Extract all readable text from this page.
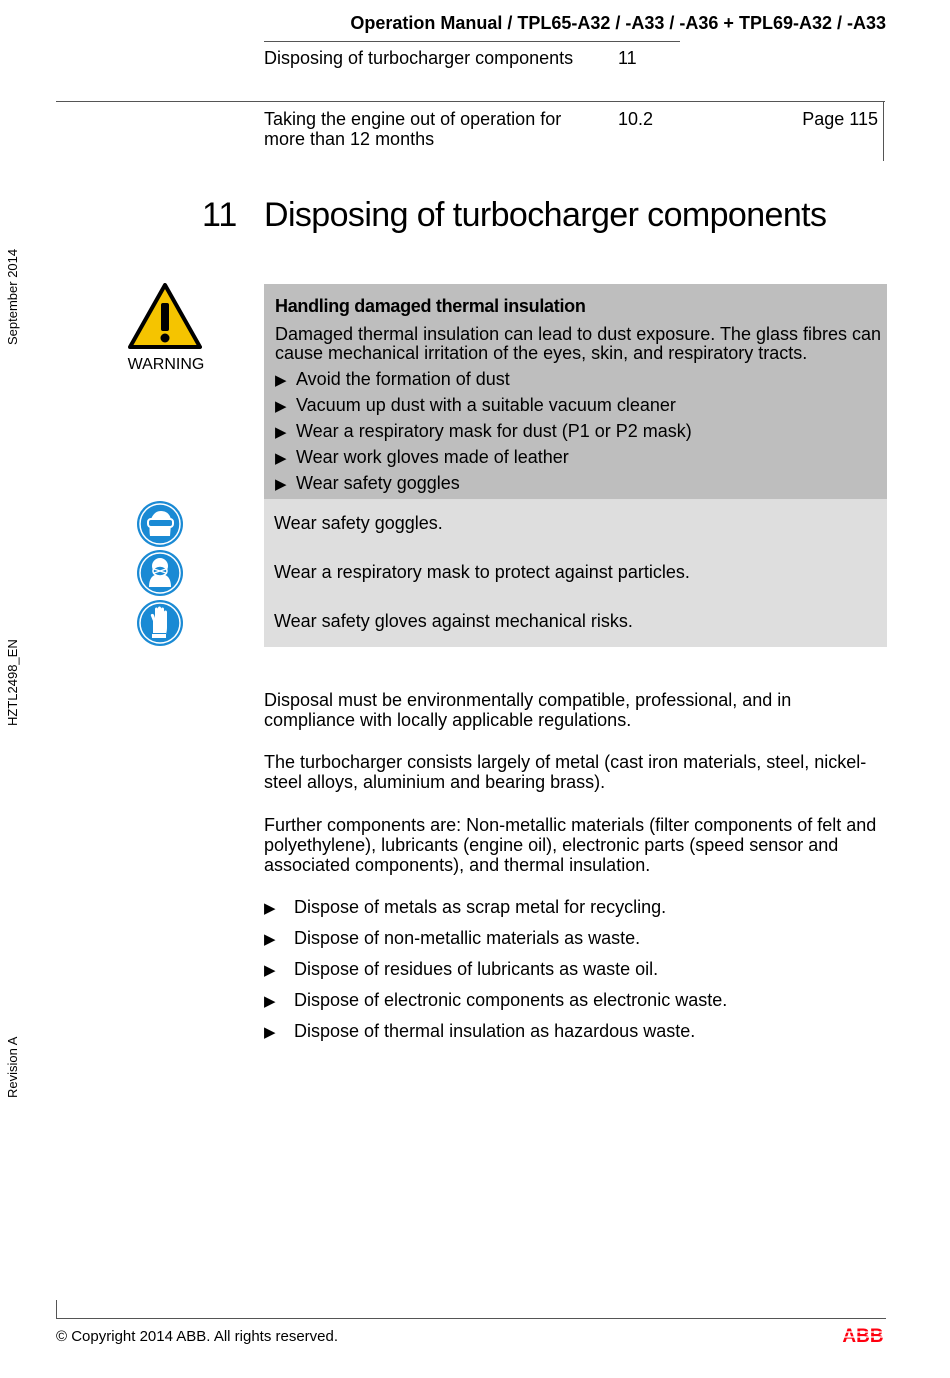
Operation Manual / TPL65-A32 / -A33 / -A36 + TPL69-A32 / -A33
Disposing of turbocharger components 11
Taking the engine out of operation for more than 12 months
10.2	Page 115
September 2014
HZTL2498_EN
Revision A
11 Disposing of turbocharger components
WARNING
Handling damaged thermal insulation
Damaged thermal insulation can lead to dust exposure. The glass fibres can cause mechanical irritation of the eyes, skin, and respiratory tracts.
▶ Avoid the formation of dust
▶ Vacuum up dust with a suitable vacuum cleaner
▶ Wear a respiratory mask for dust (P1 or P2 mask)
▶ Wear work gloves made of leather
▶ Wear safety goggles
Wear safety goggles.
Wear a respiratory mask to protect against particles.
Wear safety gloves against mechanical risks.
Disposal must be environmentally compatible, professional, and in compliance with locally applicable regulations.
The turbocharger consists largely of metal (cast iron materials, steel, nickel-steel alloys, aluminium and bearing brass).
Further components are: Non-metallic materials (filter components of felt and polyethylene), lubricants (engine oil), electronic parts (speed sensor and associated components), and thermal insulation.
▶ Dispose of metals as scrap metal for recycling.
▶ Dispose of non-metallic materials as waste.
▶ Dispose of residues of lubricants as waste oil.
▶ Dispose of electronic components as electronic waste.
▶ Dispose of thermal insulation as hazardous waste.
© Copyright 2014 ABB. All rights reserved.	ABB
